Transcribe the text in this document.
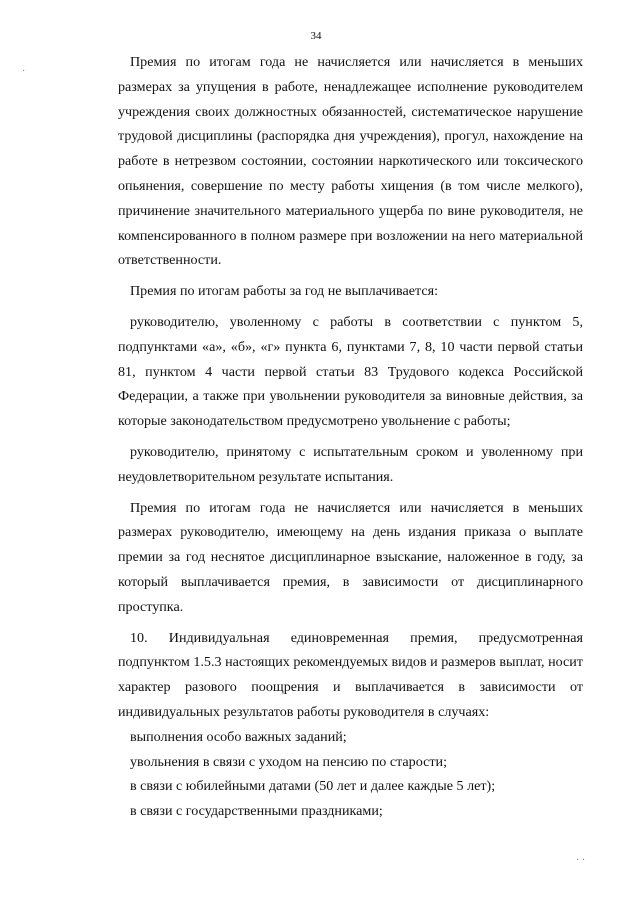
34
·
· ·

Премия по итогам года не начисляется или начисляется в меньших размерах за упущения в работе, ненадлежащее исполнение руководителем учреждения своих должностных обязанностей, систематическое нарушение трудовой дисциплины (распорядка дня учреждения), прогул, нахождение на работе в нетрезвом состоянии, состоянии наркотического или токсического опьянения, совершение по месту работы хищения (в том числе мелкого), причинение значительного материального ущерба по вине руководителя, не компенсированного в полном размере при возложении на него материальной ответственности.

Премия по итогам работы за год не выплачивается:

руководителю, уволенному с работы в соответствии с пунктом 5, подпунктами «а», «б», «г» пункта 6, пунктами 7, 8, 10 части первой статьи 81, пунктом 4 части первой статьи 83 Трудового кодекса Российской Федерации, а также при увольнении руководителя за виновные действия, за которые законодательством предусмотрено увольнение с работы;

руководителю, принятому с испытательным сроком и уволенному при неудовлетворительном результате испытания.

Премия по итогам года не начисляется или начисляется в меньших размерах руководителю, имеющему на день издания приказа о выплате премии за год неснятое дисциплинарное взыскание, наложенное в году, за который выплачивается премия, в зависимости от дисциплинарного проступка.

10. Индивидуальная единовременная премия, предусмотренная подпунктом 1.5.3 настоящих рекомендуемых видов и размеров выплат, носит характер разового поощрения и выплачивается в зависимости от индивидуальных результатов работы руководителя в случаях:

выполнения особо важных заданий;

увольнения в связи с уходом на пенсию по старости;

в связи с юбилейными датами (50 лет и далее каждые 5 лет);

в связи с государственными праздниками;
